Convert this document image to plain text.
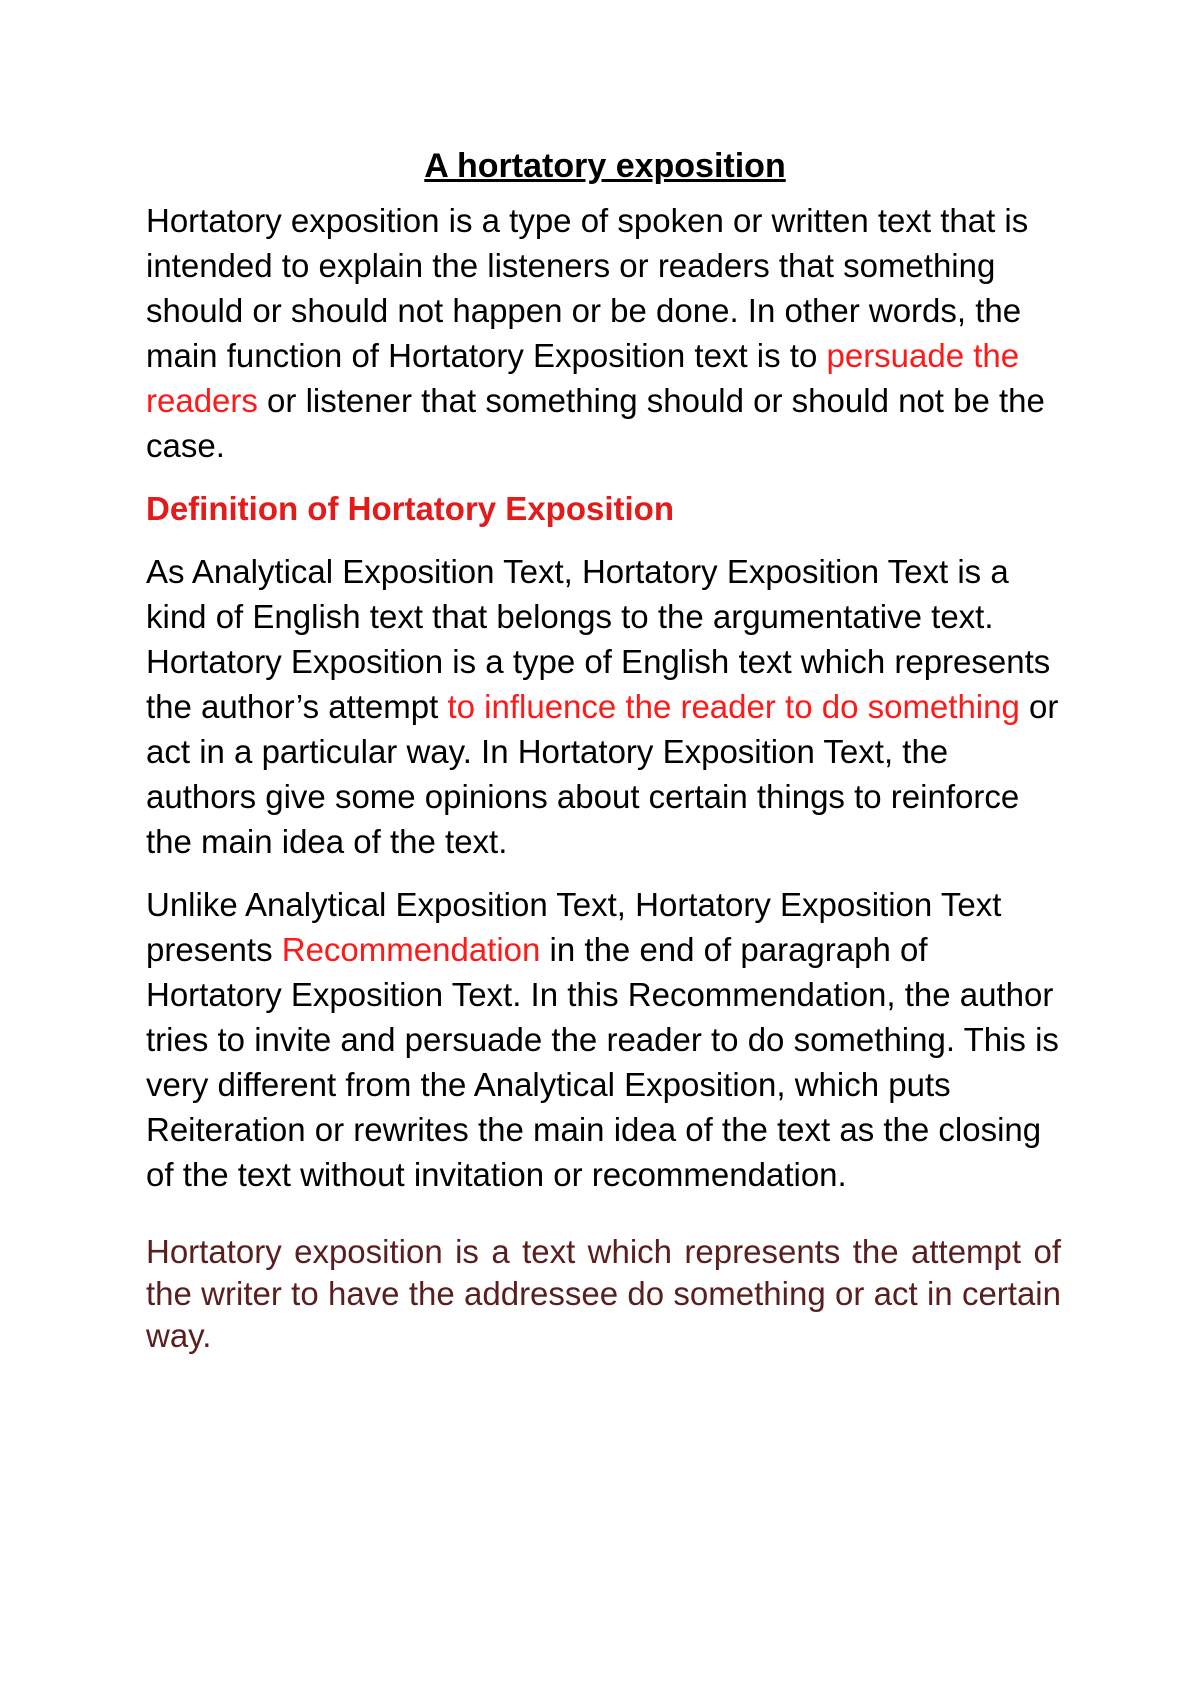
A hortatory exposition

Hortatory exposition is a type of spoken or written text that is intended to explain the listeners or readers that something should or should not happen or be done. In other words, the main function of Hortatory Exposition text is to persuade the readers or listener that something should or should not be the case.

Definition of Hortatory Exposition

As Analytical Exposition Text, Hortatory Exposition Text is a kind of English text that belongs to the argumentative text. Hortatory Exposition is a type of English text which represents the author’s attempt to influence the reader to do something or act in a particular way. In Hortatory Exposition Text, the authors give some opinions about certain things to reinforce the main idea of the text.

Unlike Analytical Exposition Text, Hortatory Exposition Text presents Recommendation in the end of paragraph of Hortatory Exposition Text. In this Recommendation, the author tries to invite and persuade the reader to do something. This is very different from the Analytical Exposition, which puts Reiteration or rewrites the main idea of the text as the closing of the text without invitation or recommendation.

Hortatory exposition is a text which represents the attempt of the writer to have the addressee do something or act in certain way.
